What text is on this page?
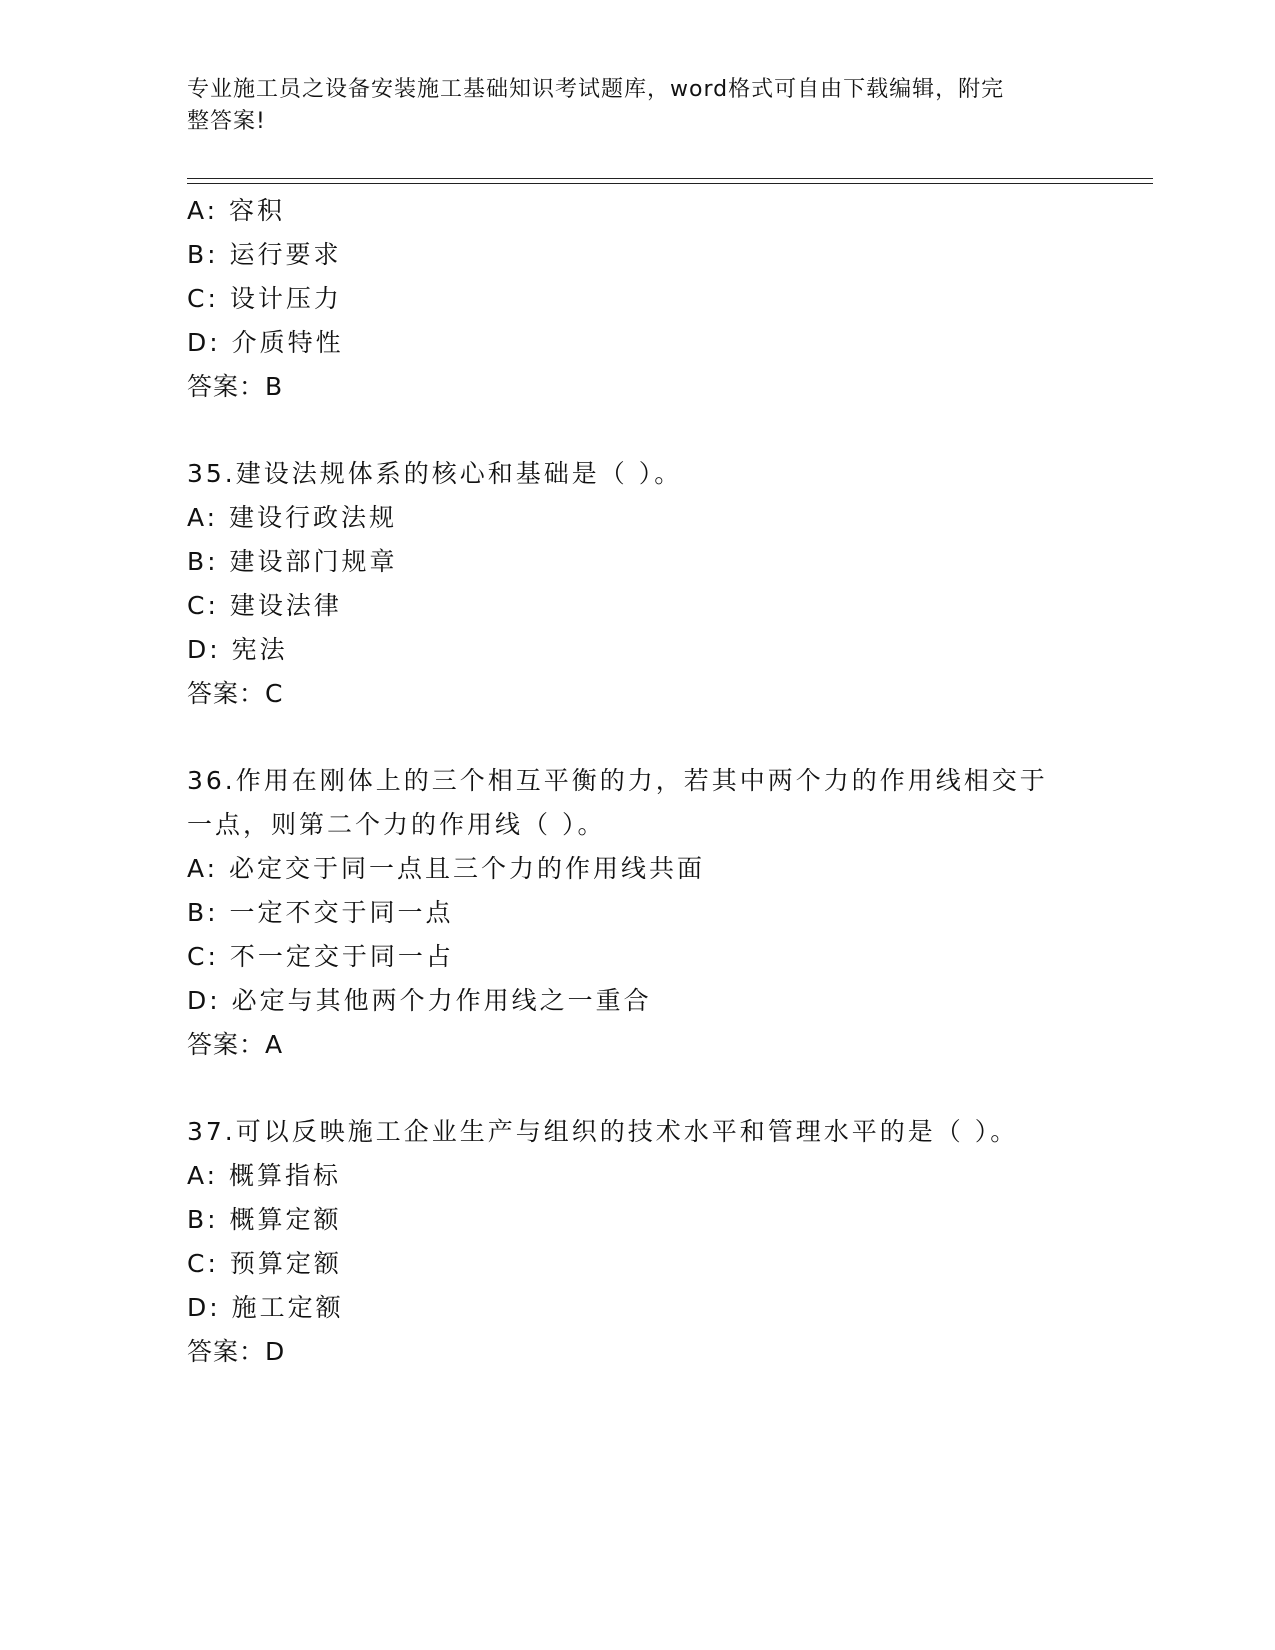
专业施工员之设备安装施工基础知识考试题库，word格式可自由下载编辑，附完
整答案!
A: 容积
B: 运行要求
C: 设计压力
D: 介质特性
答案：B
35.建设法规体系的核心和基础是（ ）。
A: 建设行政法规
B: 建设部门规章
C: 建设法律
D: 宪法
答案：C
36.作用在刚体上的三个相互平衡的力，若其中两个力的作用线相交于
一点，则第二个力的作用线（ ）。
A: 必定交于同一点且三个力的作用线共面
B: 一定不交于同一点
C: 不一定交于同一占
D: 必定与其他两个力作用线之一重合
答案：A
37.可以反映施工企业生产与组织的技术水平和管理水平的是（ ）。
A: 概算指标
B: 概算定额
C: 预算定额
D: 施工定额
答案：D
